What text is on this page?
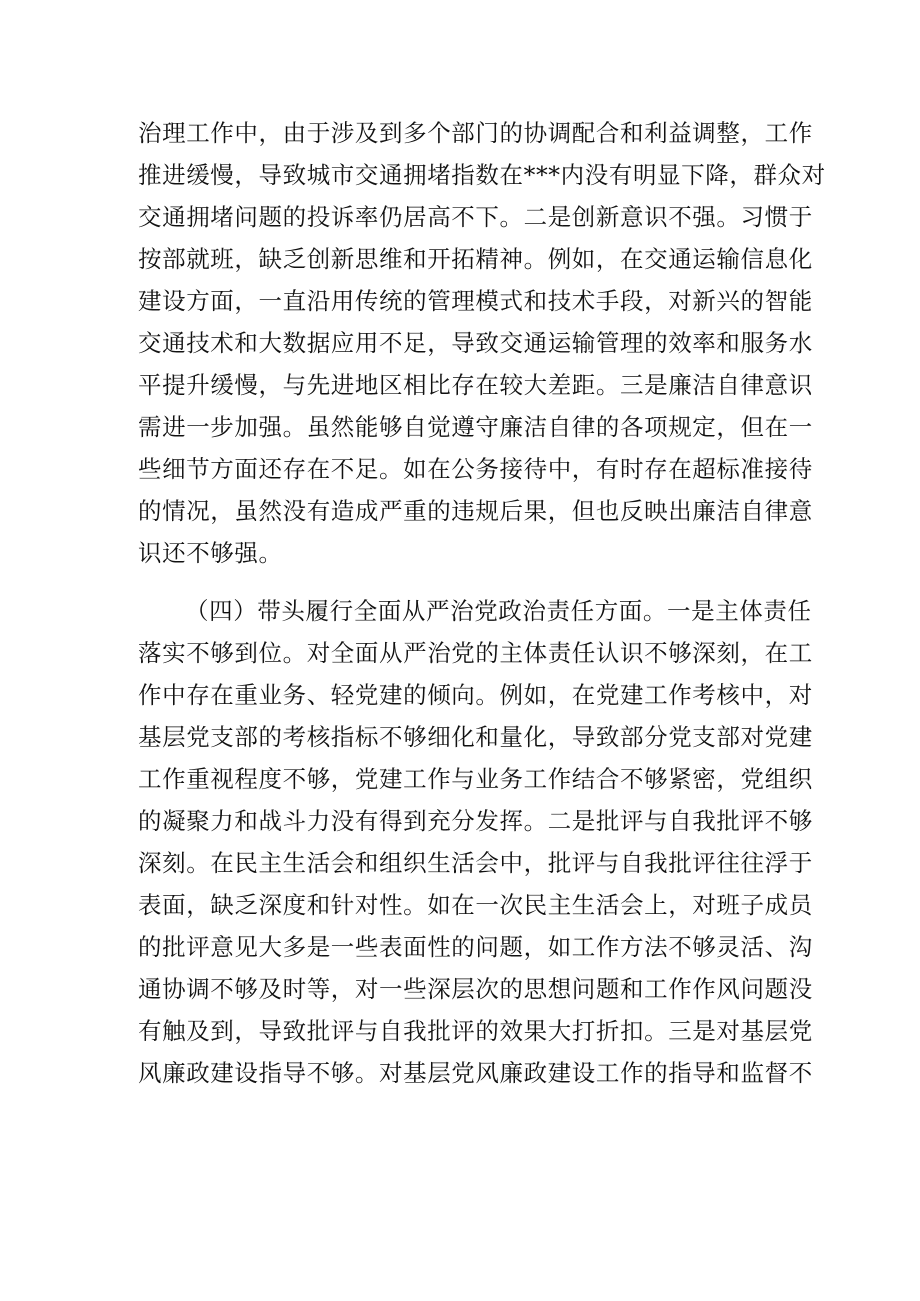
治理工作中，由于涉及到多个部门的协调配合和利益调整，工作
推进缓慢，导致城市交通拥堵指数在***内没有明显下降，群众对
交通拥堵问题的投诉率仍居高不下。二是创新意识不强。习惯于
按部就班，缺乏创新思维和开拓精神。例如，在交通运输信息化
建设方面，一直沿用传统的管理模式和技术手段，对新兴的智能
交通技术和大数据应用不足，导致交通运输管理的效率和服务水
平提升缓慢，与先进地区相比存在较大差距。三是廉洁自律意识
需进一步加强。虽然能够自觉遵守廉洁自律的各项规定，但在一
些细节方面还存在不足。如在公务接待中，有时存在超标准接待
的情况，虽然没有造成严重的违规后果，但也反映出廉洁自律意
识还不够强。
（四）带头履行全面从严治党政治责任方面。一是主体责任
落实不够到位。对全面从严治党的主体责任认识不够深刻，在工
作中存在重业务、轻党建的倾向。例如，在党建工作考核中，对
基层党支部的考核指标不够细化和量化，导致部分党支部对党建
工作重视程度不够，党建工作与业务工作结合不够紧密，党组织
的凝聚力和战斗力没有得到充分发挥。二是批评与自我批评不够
深刻。在民主生活会和组织生活会中，批评与自我批评往往浮于
表面，缺乏深度和针对性。如在一次民主生活会上，对班子成员
的批评意见大多是一些表面性的问题，如工作方法不够灵活、沟
通协调不够及时等，对一些深层次的思想问题和工作作风问题没
有触及到，导致批评与自我批评的效果大打折扣。三是对基层党
风廉政建设指导不够。对基层党风廉政建设工作的指导和监督不
